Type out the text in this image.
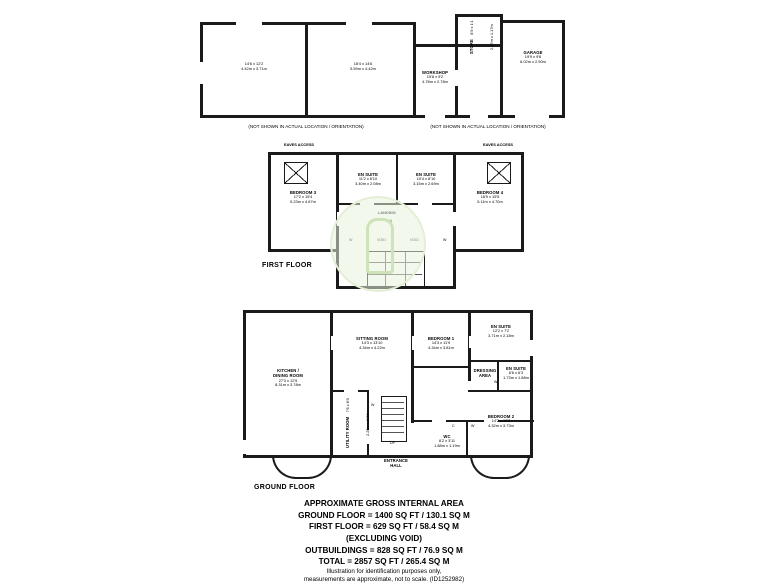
14'6 x 12'2
4.42m x 3.71m
18'4 x 14'6
5.59m x 4.42m
(NOT SHOWN IN ACTUAL LOCATION / ORIENTATION)
WORKSHOP
15'8 x 9'2
4.78m x 2.78m
STORE 8'9 x 1'1	2.67m x 1.17m
GARAGE
19'9 x 9'6
6.02m x 2.90m
(NOT SHOWN IN ACTUAL LOCATION / ORIENTATION)
EAVES ACCESS	EAVES ACCESS
BEDROOM 3
17'2 x 15'4
5.23m x 4.67m
EN SUITE
11'2 x 6'10
3.40m x 2.08m
EN SUITE
10'4 x 8'10
3.15m x 2.69m
BEDROOM 4
16'9 x 15'5
5.11m x 4.70m
W
FIRST FLOOR
KITCHEN /
DINING ROOM
27'3 x 12'5
8.31m x 3.78m
SITTING ROOM
14'3 x 13'10
4.34m x 4.22m
BEDROOM 1
14'3 x 11'9
4.34m x 3.81m
EN SUITE
12'2 x 7'2
3.71m x 2.18m
DRESSING
AREA
EN SUITE
6'6 x 6'3
1.73m x 1.88m
BEDROOM 2
14'2 x 12'3
4.32m x 3.73m
UTILITY ROOM 7'6 x 6'9 2.29m x 2.06m
WC
6'2 x 3'11
1.88m x 1.19m
ENTRANCE
HALL
UP
C	W
W
W
GROUND FLOOR
APPROXIMATE GROSS INTERNAL AREA
GROUND FLOOR = 1400 SQ FT / 130.1 SQ M
FIRST FLOOR = 629 SQ FT / 58.4 SQ M
(EXCLUDING VOID)
OUTBUILDINGS = 828 SQ FT / 76.9 SQ M
TOTAL = 2857 SQ FT / 265.4 SQ M
Illustration for identification purposes only,
measurements are approximate, not to scale. (ID1252982)
